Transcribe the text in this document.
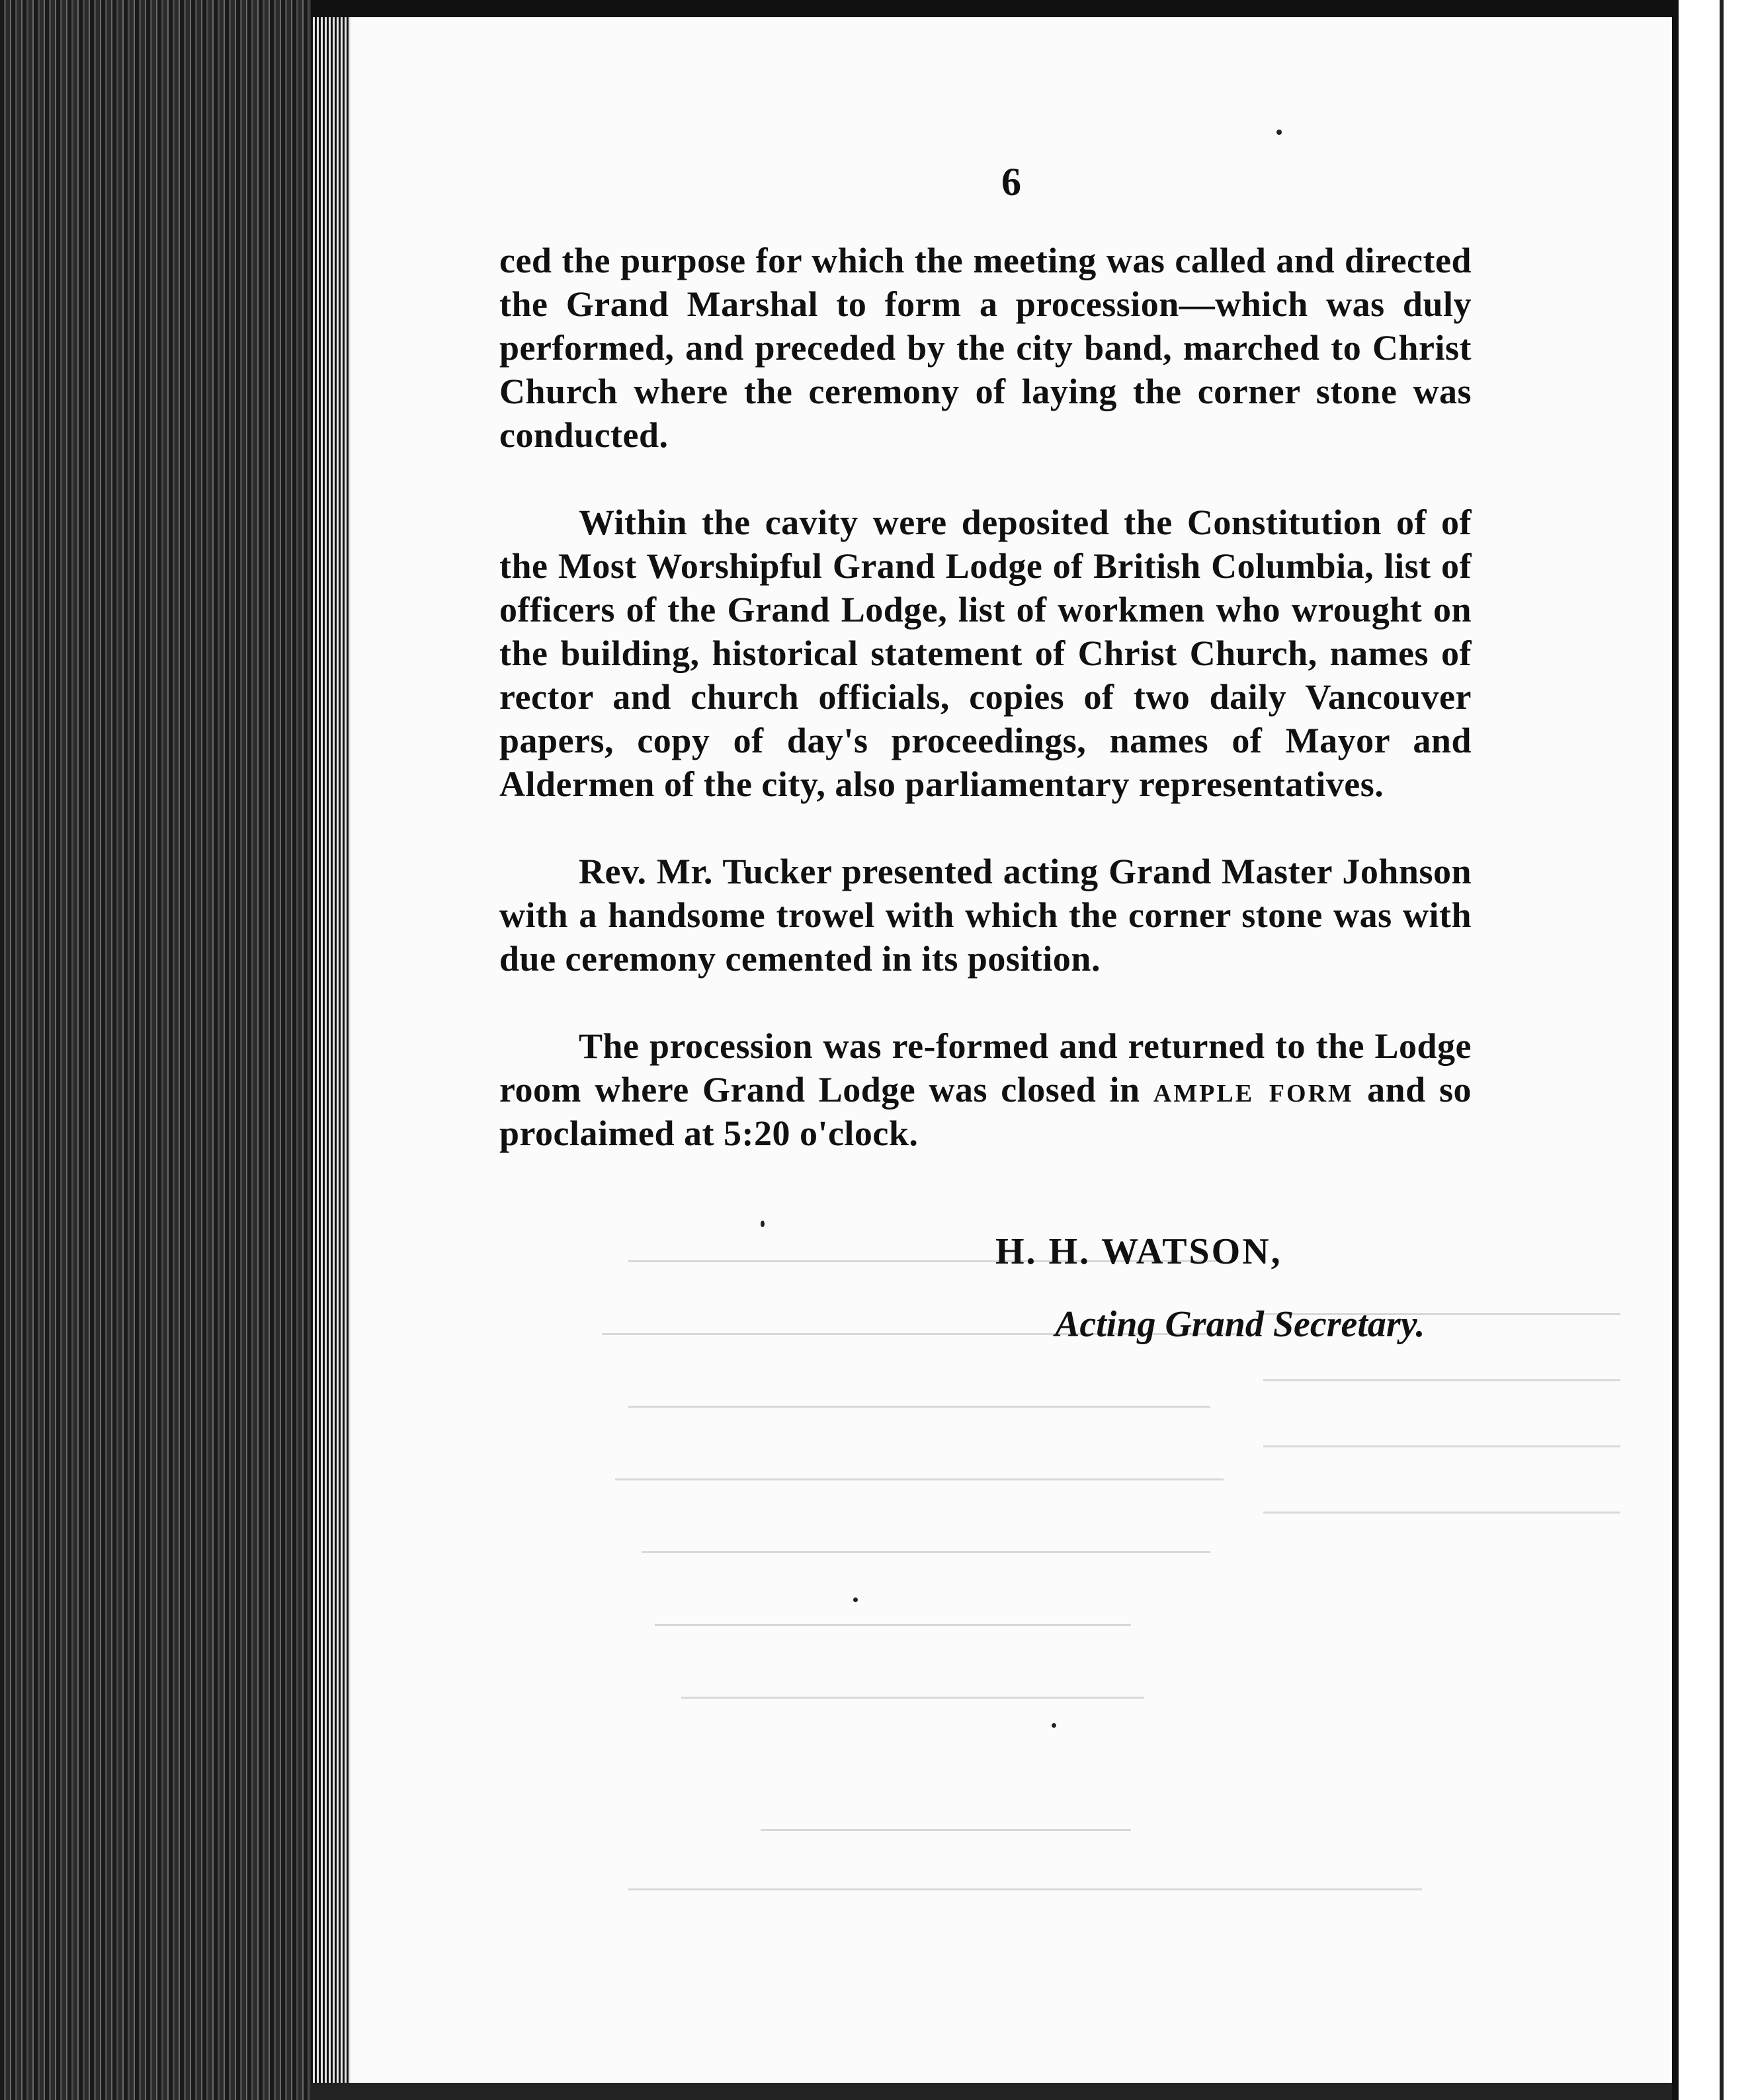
6

ced the purpose for which the meeting was called and directed the Grand Marshal to form a procession—which was duly performed, and preceded by the city band, marched to Christ Church where the ceremony of laying the corner stone was conducted.

Within the cavity were deposited the Constitution of of the Most Worshipful Grand Lodge of British Columbia, list of officers of the Grand Lodge, list of workmen who wrought on the building, historical statement of Christ Church, names of rector and church officials, copies of two daily Vancouver papers, copy of day's proceedings, names of Mayor and Aldermen of the city, also parliamentary representatives.

Rev. Mr. Tucker presented acting Grand Master Johnson with a handsome trowel with which the corner stone was with due ceremony cemented in its position.

The procession was re-formed and returned to the Lodge room where Grand Lodge was closed in ample form and so proclaimed at 5:20 o'clock.

H. H. WATSON,
Acting Grand Secretary.
